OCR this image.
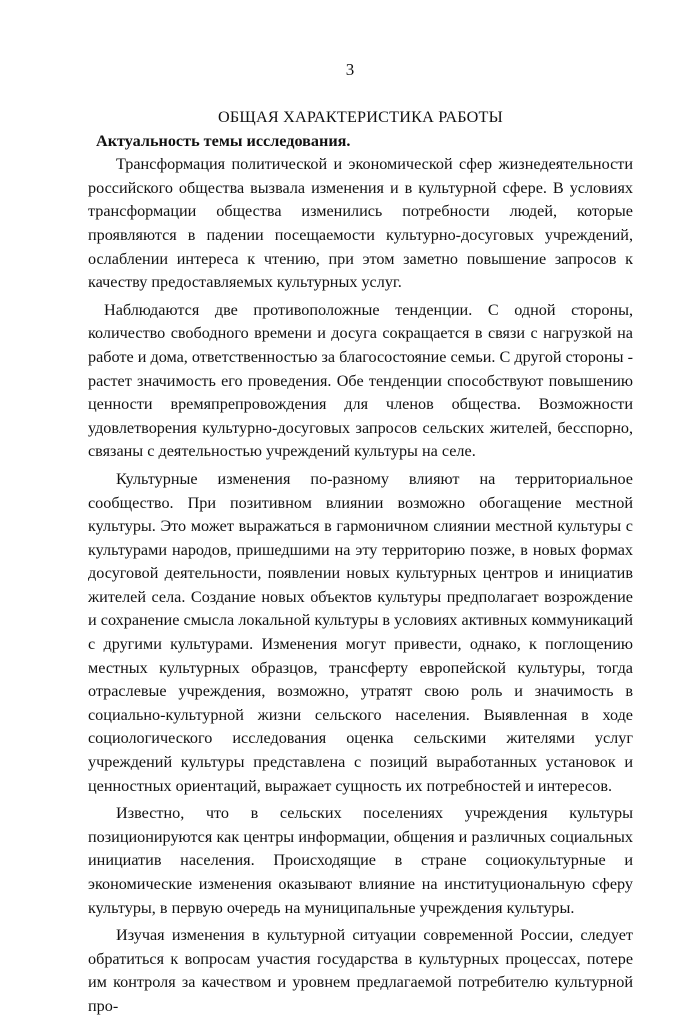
3
ОБЩАЯ ХАРАКТЕРИСТИКА РАБОТЫ
Актуальность темы исследования.

Трансформация политической и экономической сфер жизнедеятельности российского общества вызвала изменения и в культурной сфере. В условиях трансформации общества изменились потребности людей, которые проявляются в падении посещаемости культурно-досуговых учреждений, ослаблении интереса к чтению, при этом заметно повышение запросов к качеству предоставляемых культурных услуг.

Наблюдаются две противоположные тенденции. С одной стороны, количество свободного времени и досуга сокращается в связи с нагрузкой на работе и дома, ответственностью за благосостояние семьи. С другой стороны - растет значимость его проведения. Обе тенденции способствуют повышению ценности времяпрепровождения для членов общества. Возможности удовлетворения культурно-досуговых запросов сельских жителей, бесспорно, связаны с деятельностью учреждений культуры на селе.

Культурные изменения по-разному влияют на территориальное сообщество. При позитивном влиянии возможно обогащение местной культуры. Это может выражаться в гармоничном слиянии местной культуры с культурами народов, пришедшими на эту территорию позже, в новых формах досуговой деятельности, появлении новых культурных центров и инициатив жителей села. Создание новых объектов культуры предполагает возрождение и сохранение смысла локальной культуры в условиях активных коммуникаций с другими культурами. Изменения могут привести, однако, к поглощению местных культурных образцов, трансферту европейской культуры, тогда отраслевые учреждения, возможно, утратят свою роль и значимость в социально-культурной жизни сельского населения. Выявленная в ходе социологического исследования оценка сельскими жителями услуг учреждений культуры представлена с позиций выработанных установок и ценностных ориентаций, выражает сущность их потребностей и интересов.

Известно, что в сельских поселениях учреждения культуры позиционируются как центры информации, общения и различных социальных инициатив населения. Происходящие в стране социокультурные и экономические изменения оказывают влияние на институциональную сферу культуры, в первую очередь на муниципальные учреждения культуры.

Изучая изменения в культурной ситуации современной России, следует обратиться к вопросам участия государства в культурных процессах, потере им контроля за качеством и уровнем предлагаемой потребителю культурной про-
